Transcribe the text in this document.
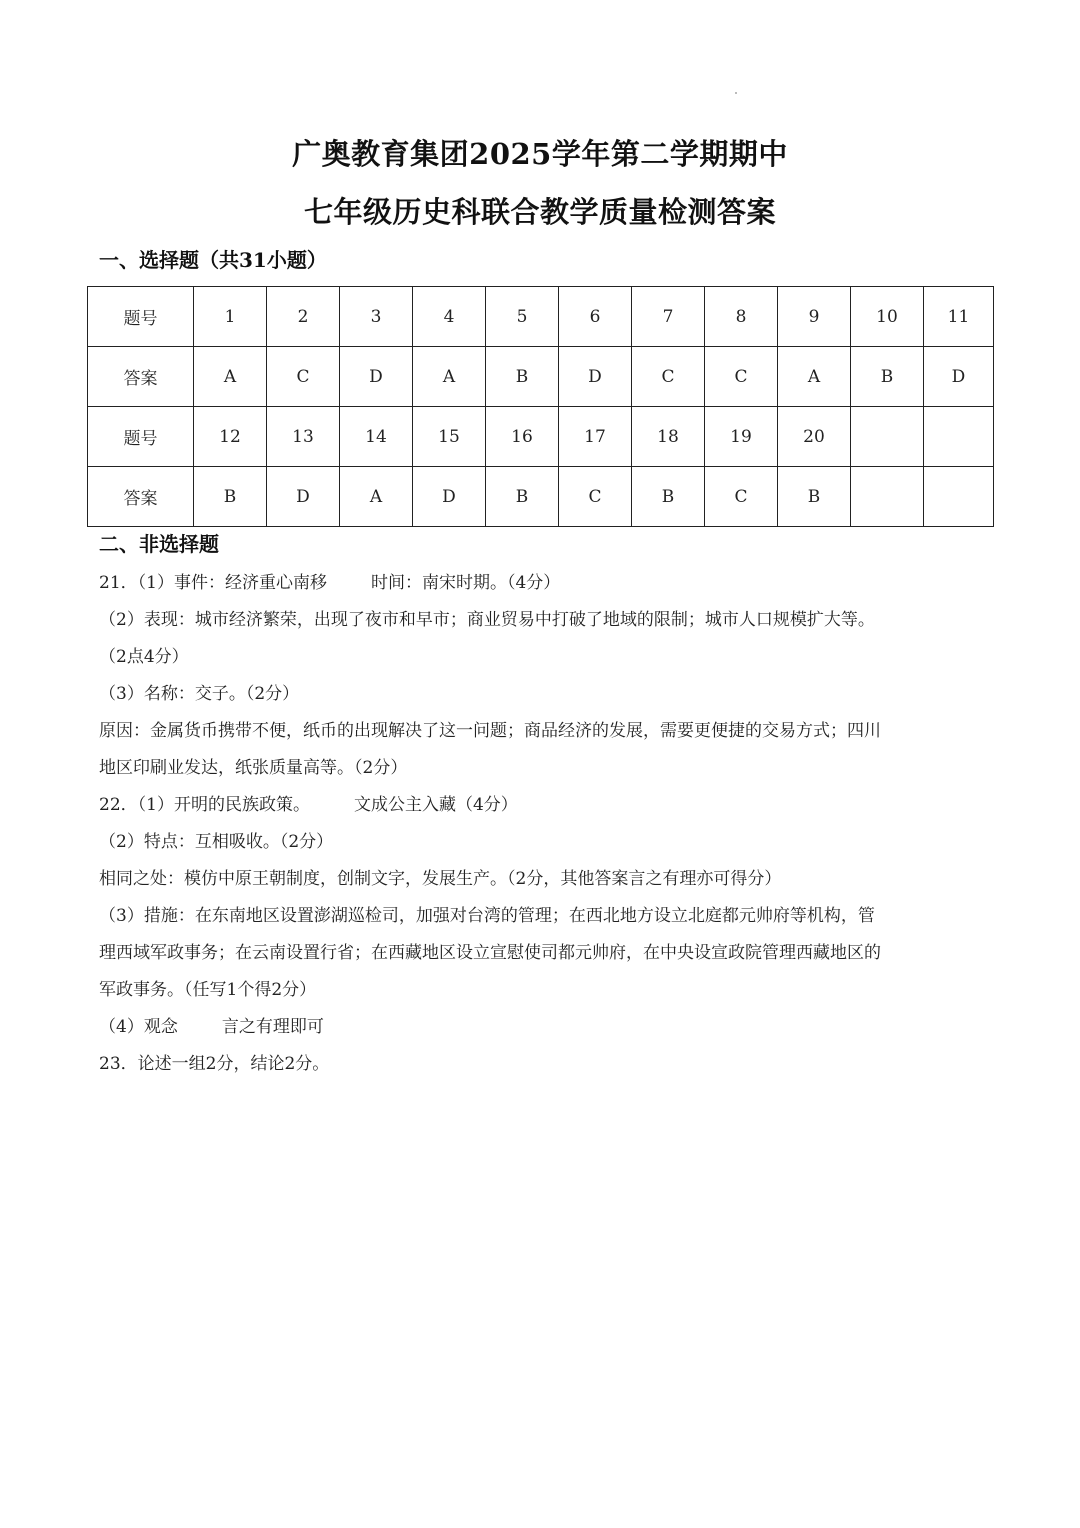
广奥教育集团2025学年第二学期期中
七年级历史科联合教学质量检测答案
一、选择题（共31小题）
题号	1	2	3	4	5	6	7	8	9	10	11
答案	A	C	D	A	B	D	C	C	A	B	D
题号	12	13	14	15	16	17	18	19	20		
答案	B	D	A	D	B	C	B	C	B		
二、非选择题
21．（1）事件：经济重心南移	时间：南宋时期。（4分）
（2）表现：城市经济繁荣，出现了夜市和早市；商业贸易中打破了地域的限制；城市人口规模扩大等。
（2点4分）
（3）名称：交子。（2分）
原因：金属货币携带不便，纸币的出现解决了这一问题；商品经济的发展，需要更便捷的交易方式；四川
地区印刷业发达，纸张质量高等。（2分）
22．（1）开明的民族政策。	文成公主入藏（4分）
（2）特点：互相吸收。（2分）
相同之处：模仿中原王朝制度，创制文字，发展生产。（2分，其他答案言之有理亦可得分）
（3）措施：在东南地区设置澎湖巡检司，加强对台湾的管理；在西北地方设立北庭都元帅府等机构，管
理西域军政事务；在云南设置行省；在西藏地区设立宣慰使司都元帅府，在中央设宣政院管理西藏地区的
军政事务。（任写1个得2分）
（4）观念	言之有理即可
23．论述一组2分，结论2分。
